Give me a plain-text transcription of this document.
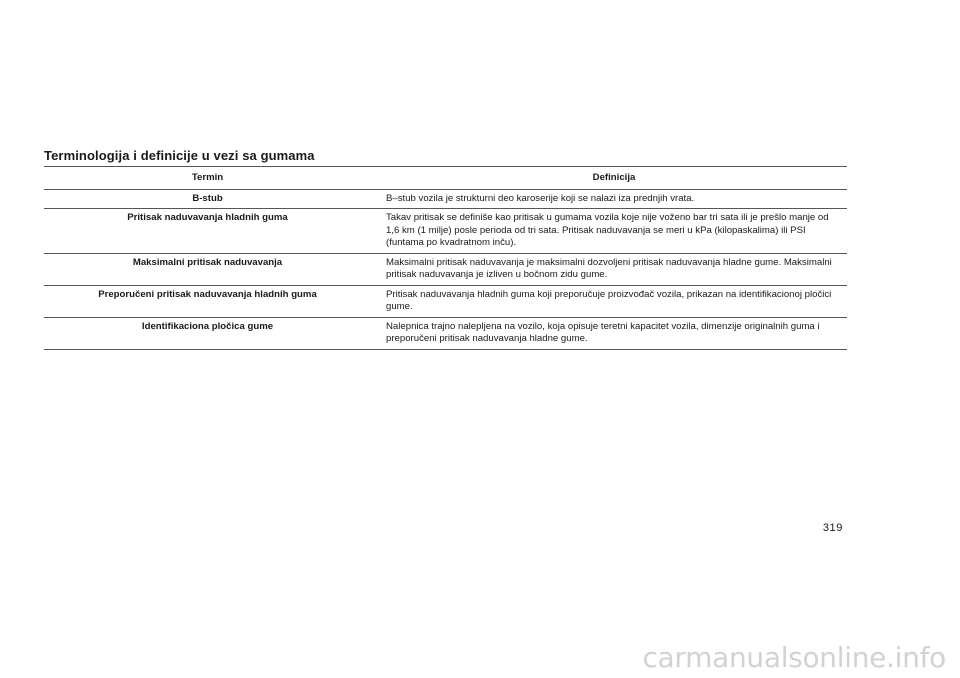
Terminologija i definicije u vezi sa gumama
Termin	Definicija
B-stub	B–stub vozila je strukturni deo karoserije koji se nalazi iza prednjih vrata.
Pritisak naduvavanja hladnih guma	Takav pritisak se definiše kao pritisak u gumama vozila koje nije voženo bar tri sata ili je prešlo manje od 1,6 km (1 milje) posle perioda od tri sata. Pritisak naduvavanja se meri u kPa (kilopaskalima) ili PSI (funtama po kvadratnom inču).
Maksimalni pritisak naduvavanja	Maksimalni pritisak naduvavanja je maksimalni dozvoljeni pritisak naduvavanja hladne gume. Maksimalni pritisak naduvavanja je izliven u bočnom zidu gume.
Preporučeni pritisak naduvavanja hladnih guma	Pritisak naduvavanja hladnih guma koji preporučuje proizvođač vozila, prikazan na identifikacionoj pločici gume.
Identifikaciona pločica gume	Nalepnica trajno nalepljena na vozilo, koja opisuje teretni kapacitet vozila, dimenzije originalnih guma i preporučeni pritisak naduvavanja hladne gume.
319
carmanualsonline.info
